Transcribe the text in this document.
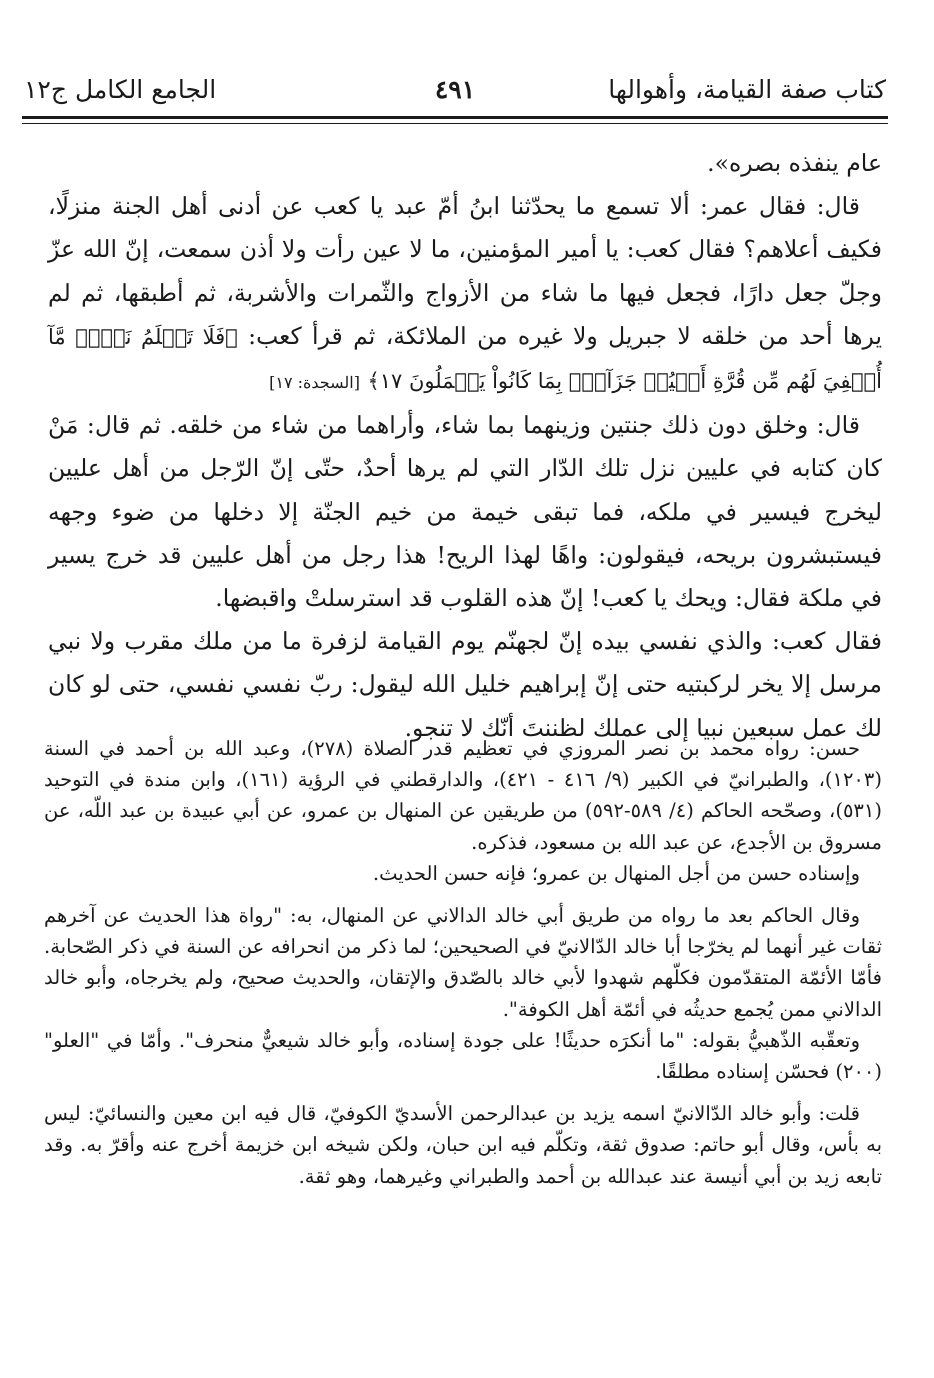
كتاب صفة القيامة، وأهوالها
٤٩١
الجامع الكامل ج١٢

عام ينفذه بصره».

قال: فقال عمر: ألا تسمع ما يحدّثنا ابنُ أمّ عبد يا كعب عن أدنى أهل الجنة منزلًا، فكيف أعلاهم؟ فقال كعب: يا أمير المؤمنين، ما لا عين رأت ولا أذن سمعت، إنّ الله عزّ وجلّ جعل دارًا، فجعل فيها ما شاء من الأزواج والثّمرات والأشربة، ثم أطبقها، ثم لم يرها أحد من خلقه لا جبريل ولا غيره من الملائكة، ثم قرأ كعب: ﴿فَلَا تَعۡلَمُ نَفۡسٞ مَّآ أُخۡفِيَ لَهُم مِّن قُرَّةِ أَعۡيُنٖ جَزَآءَۢ بِمَا كَانُواْ يَعۡمَلُونَ ١٧﴾ [السجدة: ١٧]

قال: وخلق دون ذلك جنتين وزينهما بما شاء، وأراهما من شاء من خلقه. ثم قال: مَنْ كان كتابه في عليين نزل تلك الدّار التي لم يرها أحدٌ، حتّى إنّ الرّجل من أهل عليين ليخرج فيسير في ملكه، فما تبقى خيمة من خيم الجنّة إلا دخلها من ضوء وجهه فيستبشرون بريحه، فيقولون: واهًا لهذا الريح! هذا رجل من أهل عليين قد خرج يسير في ملكة فقال: ويحك يا كعب! إنّ هذه القلوب قد استرسلتْ واقبضها.

فقال كعب: والذي نفسي بيده إنّ لجهنّم يوم القيامة لزفرة ما من ملك مقرب ولا نبي مرسل إلا يخر لركبتيه حتى إنّ إبراهيم خليل الله ليقول: ربّ نفسي نفسي، حتى لو كان لك عمل سبعين نبيا إلى عملك لظننتَ أنّك لا تنجو.

حسن: رواه محمد بن نصر المروزي في تعظيم قدر الصلاة (٢٧٨)، وعبد الله بن أحمد في السنة (١٢٠٣)، والطبرانيّ في الكبير (٩/ ٤١٦ - ٤٢١)، والدارقطني في الرؤية (١٦١)، وابن مندة في التوحيد (٥٣١)، وصحّحه الحاكم (٤/ ٥٨٩-٥٩٢) من طريقين عن المنهال بن عمرو، عن أبي عبيدة بن عبد اللّه، عن مسروق بن الأجدع، عن عبد الله بن مسعود، فذكره.

وإسناده حسن من أجل المنهال بن عمرو؛ فإنه حسن الحديث.

وقال الحاكم بعد ما رواه من طريق أبي خالد الدالاني عن المنهال، به: "رواة هذا الحديث عن آخرهم ثقات غير أنهما لم يخرّجا أبا خالد الدّالانيّ في الصحيحين؛ لما ذكر من انحرافه عن السنة في ذكر الصّحابة. فأمّا الأئمّة المتقدّمون فكلّهم شهدوا لأبي خالد بالصّدق والإتقان، والحديث صحيح، ولم يخرجاه، وأبو خالد الدالاني ممن يُجمع حديثُه في أئمّة أهل الكوفة".

وتعقّبه الذّهبيُّ بقوله: "ما أنكرَه حديثًا! على جودة إسناده، وأبو خالد شيعيٌّ منحرف". وأمّا في "العلو" (٢٠٠) فحسّن إسناده مطلقًا.

قلت: وأبو خالد الدّالانيّ اسمه يزيد بن عبدالرحمن الأسديّ الكوفيّ، قال فيه ابن معين والنسائيّ: ليس به بأس، وقال أبو حاتم: صدوق ثقة، وتكلّم فيه ابن حبان، ولكن شيخه ابن خزيمة أخرج عنه وأقرّ به. وقد تابعه زيد بن أبي أنيسة عند عبدالله بن أحمد والطبراني وغيرهما، وهو ثقة.
